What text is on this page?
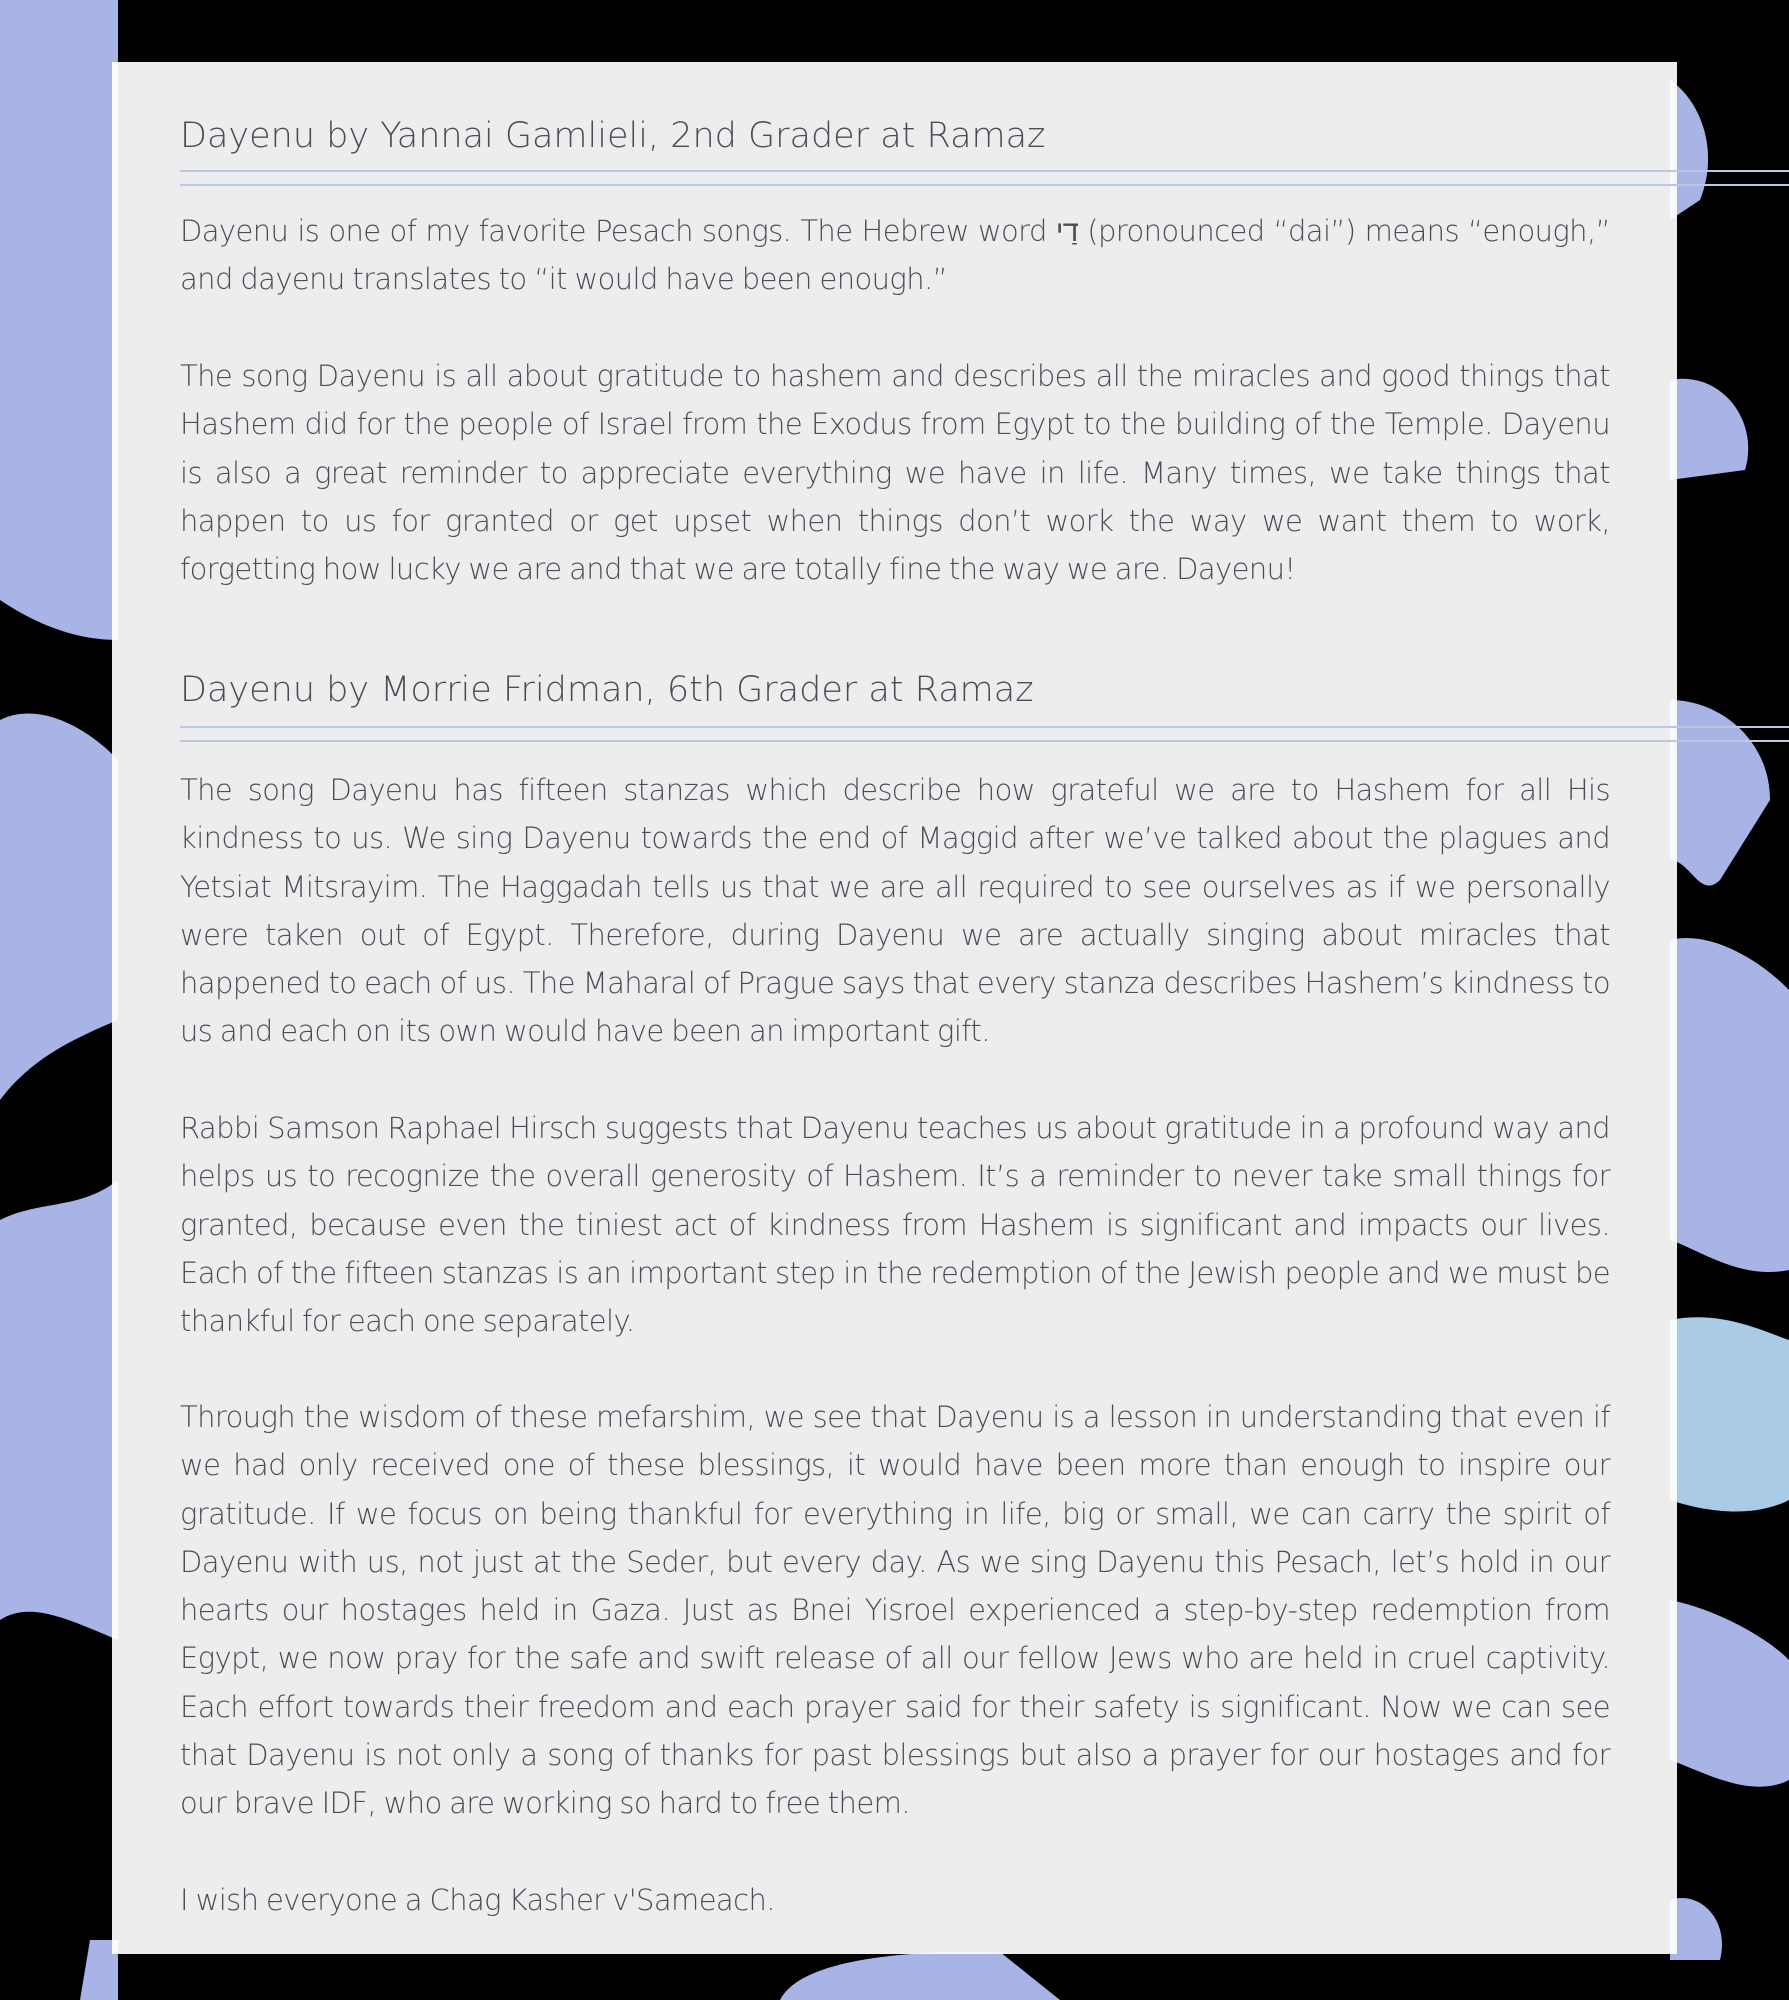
Dayenu by Yannai Gamlieli, 2nd Grader at Ramaz

Dayenu is one of my favorite Pesach songs. The Hebrew word דַי (pronounced “dai”) means “enough,” and dayenu translates to “it would have been enough.”

The song Dayenu is all about gratitude to hashem and describes all the miracles and good things that Hashem did for the people of Israel from the Exodus from Egypt to the building of the Temple. Dayenu is also a great reminder to appreciate everything we have in life. Many times, we take things that happen to us for granted or get upset when things don’t work the way we want them to work, forgetting how lucky we are and that we are totally fine the way we are. Dayenu!

Dayenu by Morrie Fridman, 6th Grader at Ramaz

The song Dayenu has fifteen stanzas which describe how grateful we are to Hashem for all His kindness to us. We sing Dayenu towards the end of Maggid after we’ve talked about the plagues and Yetsiat Mitsrayim. The Haggadah tells us that we are all required to see ourselves as if we personally were taken out of Egypt. Therefore, during Dayenu we are actually singing about miracles that happened to each of us. The Maharal of Prague says that every stanza describes Hashem’s kindness to us and each on its own would have been an important gift.

Rabbi Samson Raphael Hirsch suggests that Dayenu teaches us about gratitude in a profound way and helps us to recognize the overall generosity of Hashem. It’s a reminder to never take small things for granted, because even the tiniest act of kindness from Hashem is significant and impacts our lives. Each of the fifteen stanzas is an important step in the redemption of the Jewish people and we must be thankful for each one separately.

Through the wisdom of these mefarshim, we see that Dayenu is a lesson in understanding that even if we had only received one of these blessings, it would have been more than enough to inspire our gratitude. If we focus on being thankful for everything in life, big or small, we can carry the spirit of Dayenu with us, not just at the Seder, but every day. As we sing Dayenu this Pesach, let’s hold in our hearts our hostages held in Gaza. Just as Bnei Yisroel experienced a step-by-step redemption from Egypt, we now pray for the safe and swift release of all our fellow Jews who are held in cruel captivity. Each effort towards their freedom and each prayer said for their safety is significant. Now we can see that Dayenu is not only a song of thanks for past blessings but also a prayer for our hostages and for our brave IDF, who are working so hard to free them.

I wish everyone a Chag Kasher v'Sameach.
